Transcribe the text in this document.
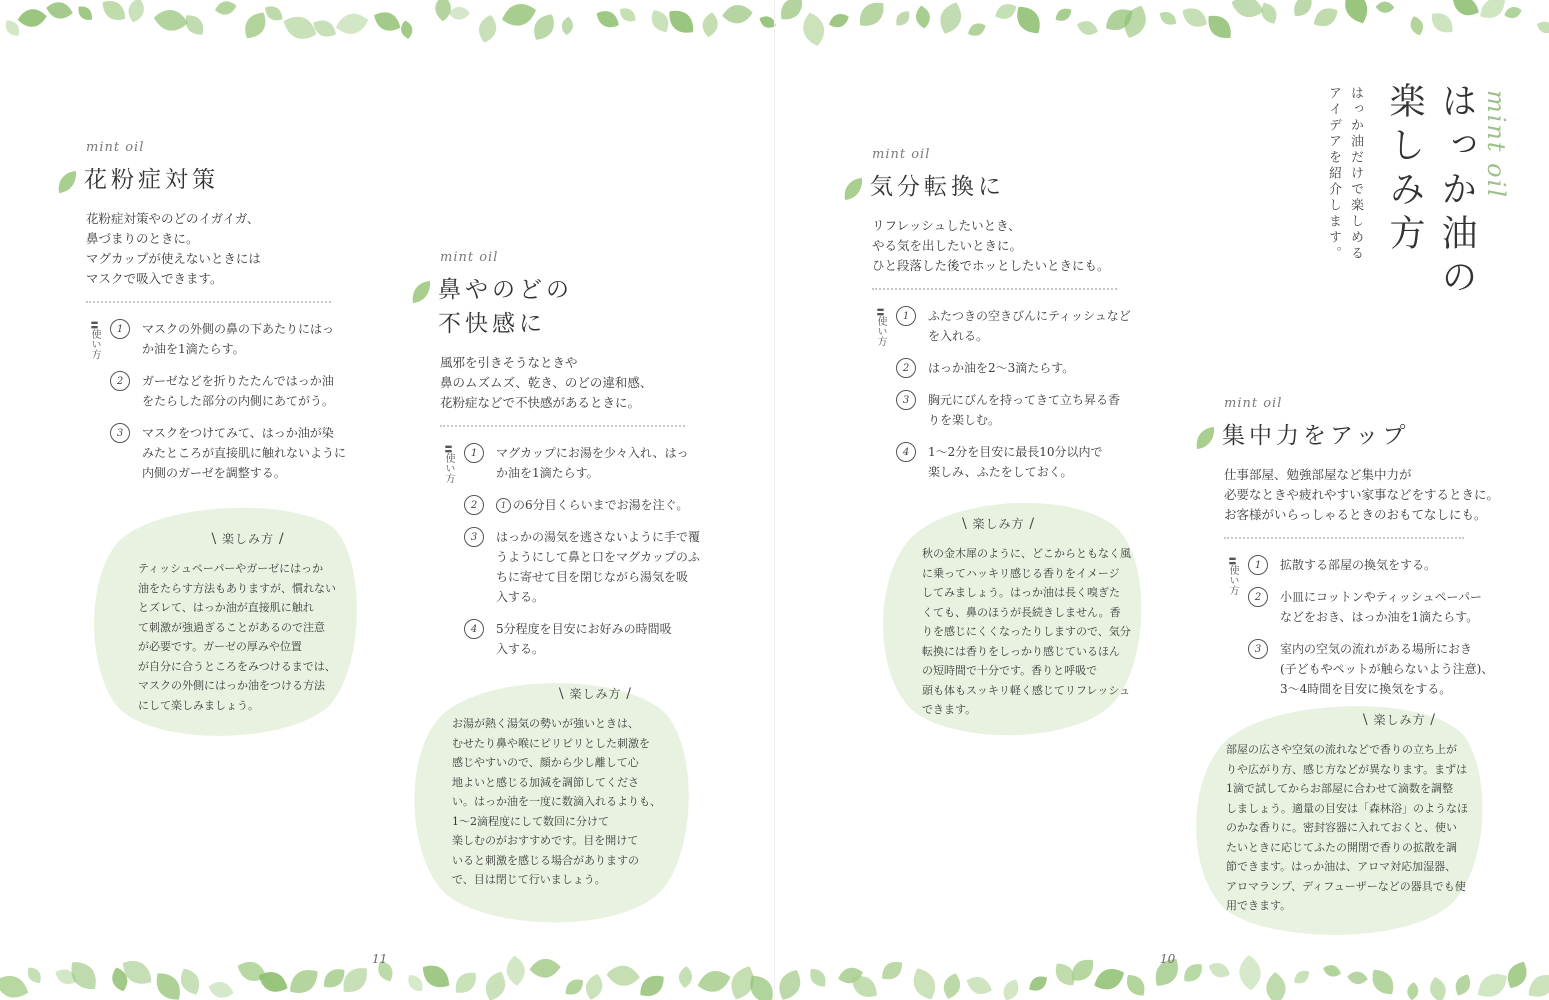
mint oil
はっか油の
楽しみ方
はっか油だけで楽しめる
アイデアを紹介します。
mint oil
花粉症対策
花粉症対策やのどのイガイガ、
鼻づまりのときに。
マグカップが使えないときには
マスクで吸入できます。
〓 使い方	1	マスクの外側の鼻の下あたりにはっ
か油を1滴たらす。
2	ガーゼなどを折りたたんではっか油
をたらした部分の内側にあてがう。
3	マスクをつけてみて、はっか油が染
みたところが直接肌に触れないように
内側のガーゼを調整する。
\ 楽しみ方 /
ティッシュペーパーやガーゼにはっか
油をたらす方法もありますが、慣れない
とズレて、はっか油が直接肌に触れ
て刺激が強過ぎることがあるので注意
が必要です。ガーゼの厚みや位置
が自分に合うところをみつけるまでは、
マスクの外側にはっか油をつける方法
にして楽しみましょう。
mint oil
鼻やのどの
不快感に
風邪を引きそうなときや
鼻のムズムズ、乾き、のどの違和感、
花粉症などで不快感があるときに。
〓 使い方	1	マグカップにお湯を少々入れ、はっ
か油を1滴たらす。
2	1 の6分目くらいまでお湯を注ぐ。
3	はっかの湯気を逃さないように手で覆
うようにして鼻と口をマグカップのふ
ちに寄せて目を閉じながら湯気を吸
入する。
4	5分程度を目安にお好みの時間吸
入する。
\ 楽しみ方 /
お湯が熱く湯気の勢いが強いときは、
むせたり鼻や喉にピリピリとした刺激を
感じやすいので、顔から少し離して心
地よいと感じる加減を調節してくださ
い。はっか油を一度に数滴入れるよりも、
1〜2滴程度にして数回に分けて
楽しむのがおすすめです。目を開けて
いると刺激を感じる場合がありますの
で、目は閉じて行いましょう。
mint oil
気分転換に
リフレッシュしたいとき、
やる気を出したいときに。
ひと段落した後でホッとしたいときにも。
〓 使い方	1	ふたつきの空きびんにティッシュなど
を入れる。
2	はっか油を2〜3滴たらす。
3	胸元にびんを持ってきて立ち昇る香
りを楽しむ。
4	1〜2分を目安に最長10分以内で
楽しみ、ふたをしておく。
\ 楽しみ方 /
秋の金木犀のように、どこからともなく風
に乗ってハッキリ感じる香りをイメージ
してみましょう。はっか油は長く嗅ぎた
くても、鼻のほうが長続きしません。香
りを感じにくくなったりしますので、気分
転換には香りをしっかり感じているほん
の短時間で十分です。香りと呼吸で
頭も体もスッキリ軽く感じてリフレッシュ
できます。
mint oil
集中力をアップ
仕事部屋、勉強部屋など集中力が
必要なときや疲れやすい家事などをするときに。
お客様がいらっしゃるときのおもてなしにも。
〓 使い方	1	拡散する部屋の換気をする。
2	小皿にコットンやティッシュペーパー
などをおき、はっか油を1滴たらす。
3	室内の空気の流れがある場所におき
(子どもやペットが触らないよう注意)、
3〜4時間を目安に換気をする。
\ 楽しみ方 /
部屋の広さや空気の流れなどで香りの立ち上が
りや広がり方、感じ方などが異なります。まずは
1滴で試してからお部屋に合わせて滴数を調整
しましょう。適量の目安は「森林浴」のようなほ
のかな香りに。密封容器に入れておくと、使い
たいときに応じてふたの開閉で香りの拡散を調
節できます。はっか油は、アロマ対応加湿器、
アロマランプ、ディフューザーなどの器具でも使
用できます。
11	10
